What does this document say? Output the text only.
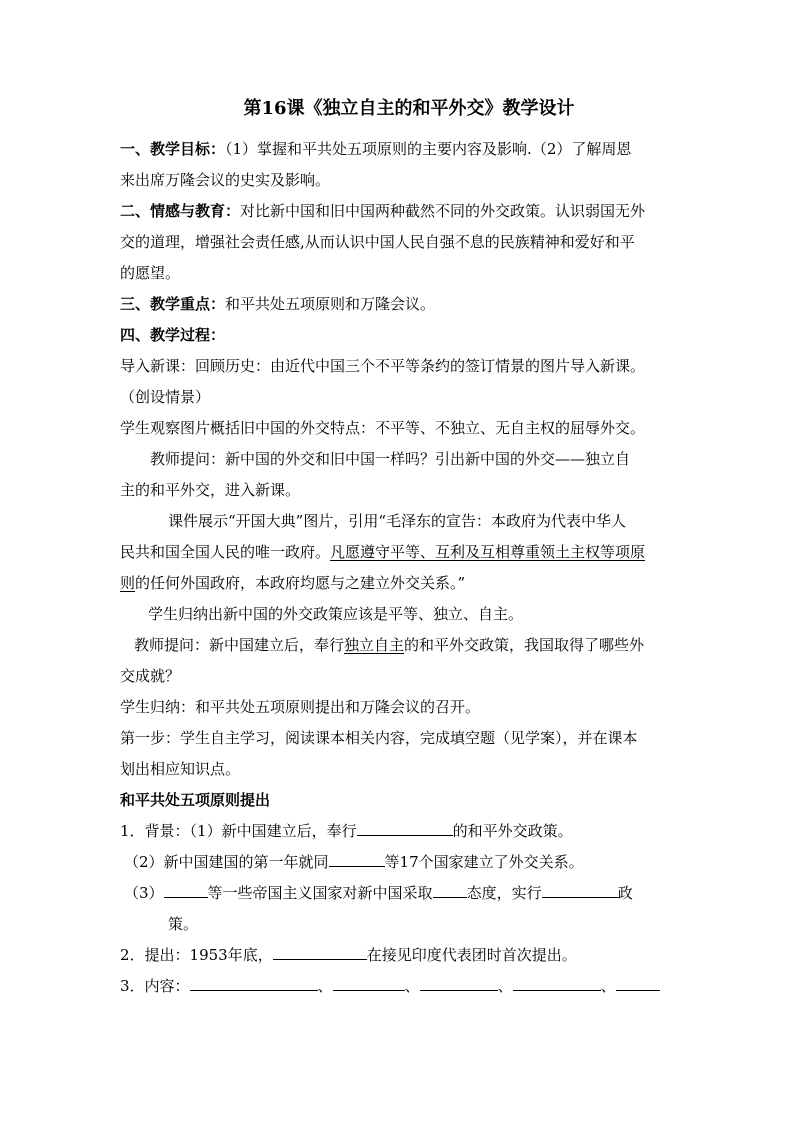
第16课《独立自主的和平外交》教学设计

一、教学目标：（1）掌握和平共处五项原则的主要内容及影响.（2）了解周恩

来出席万隆会议的史实及影响。

二、情感与教育：对比新中国和旧中国两种截然不同的外交政策。认识弱国无外

交的道理，增强社会责任感,从而认识中国人民自强不息的民族精神和爱好和平

的愿望。

三、教学重点：和平共处五项原则和万隆会议。

四、教学过程：

导入新课：回顾历史：由近代中国三个不平等条约的签订情景的图片导入新课。

（创设情景）

学生观察图片概括旧中国的外交特点：不平等、不独立、无自主权的屈辱外交。

教师提问：新中国的外交和旧中国一样吗？引出新中国的外交——独立自

主的和平外交，进入新课。

课件展示“开国大典”图片，引用“毛泽东的宣告：本政府为代表中华人

民共和国全国人民的唯一政府。凡愿遵守平等、互利及互相尊重领土主权等项原

则的任何外国政府，本政府均愿与之建立外交关系。”

学生归纳出新中国的外交政策应该是平等、独立、自主。

教师提问：新中国建立后，奉行独立自主的和平外交政策，我国取得了哪些外

交成就？

学生归纳：和平共处五项原则提出和万隆会议的召开。

第一步：学生自主学习，阅读课本相关内容，完成填空题（见学案），并在课本

划出相应知识点。

和平共处五项原则提出

1．背景：（1）新中国建立后，奉行	的和平外交政策。

（2）新中国建国的第一年就同	等17个国家建立了外交关系。

（3）	等一些帝国主义国家对新中国采取 态度，实行	政

策。

2．提出：1953年底，	在接见印度代表团时首次提出。

3．内容：	、	、	、	、
